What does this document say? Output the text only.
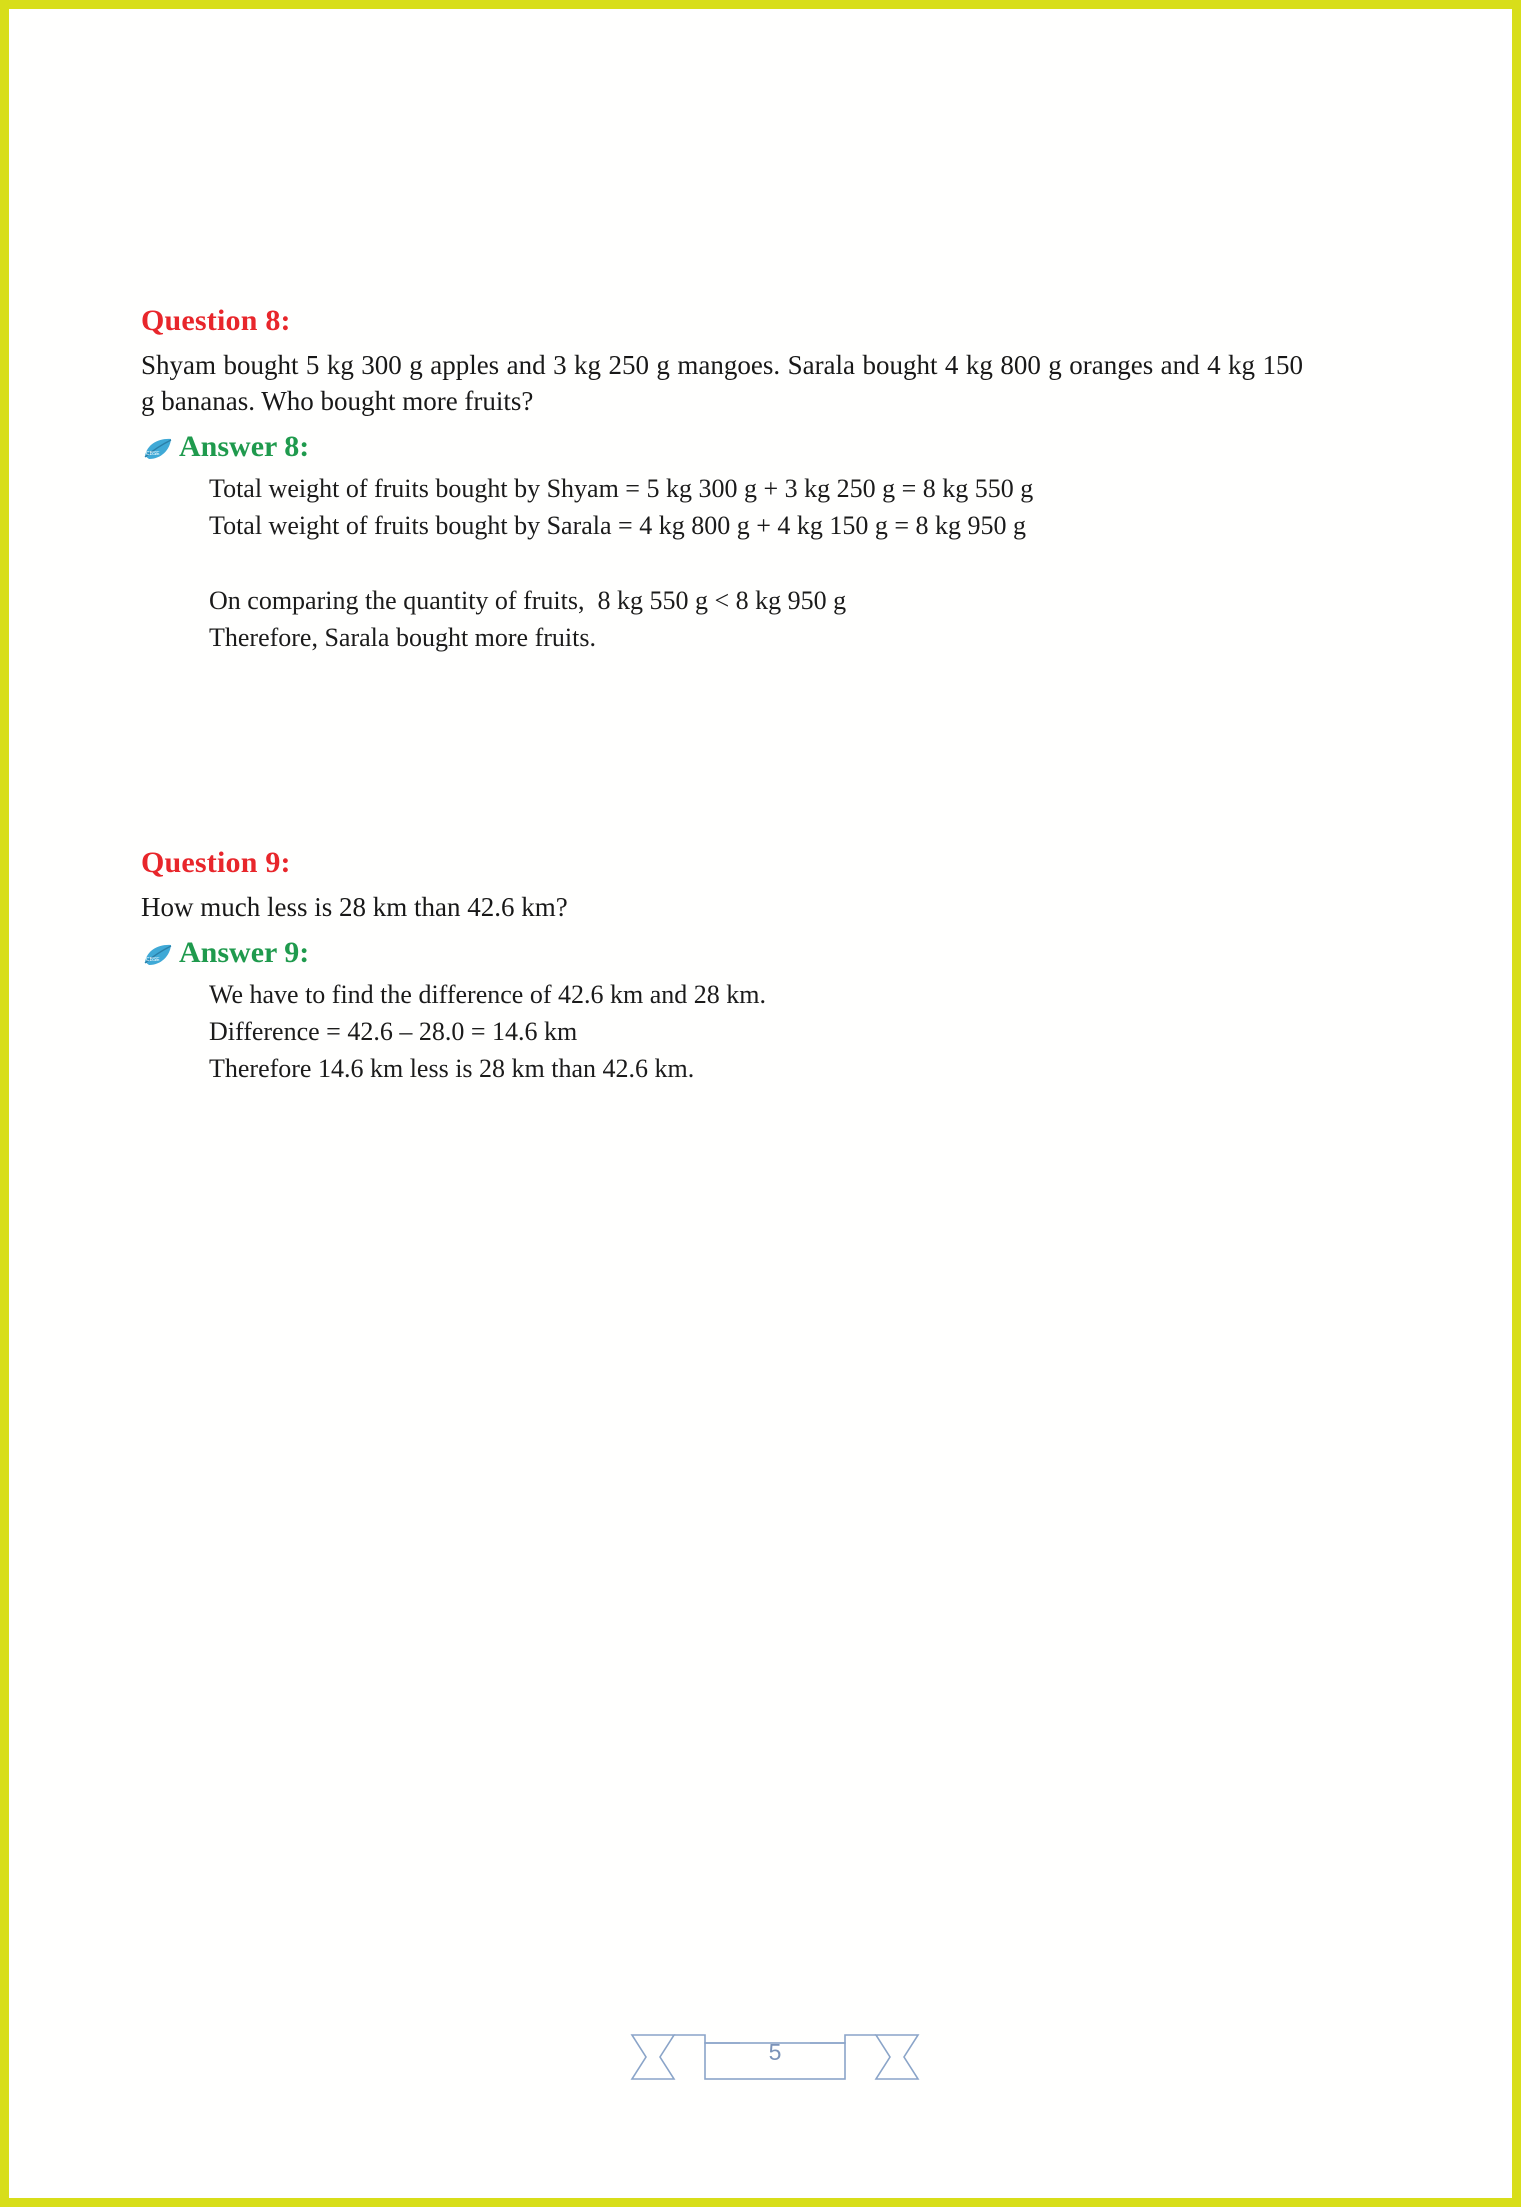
Question 8:
Shyam bought 5 kg 300 g apples and 3 kg 250 g mangoes. Sarala bought 4 kg 800 g oranges and 4 kg 150 g bananas. Who bought more fruits?
CBSE Answer 8:
Total weight of fruits bought by Shyam = 5 kg 300 g + 3 kg 250 g = 8 kg 550 g
Total weight of fruits bought by Sarala = 4 kg 800 g + 4 kg 150 g = 8 kg 950 g
On comparing the quantity of fruits,  8 kg 550 g < 8 kg 950 g
Therefore, Sarala bought more fruits.
Question 9:
How much less is 28 km than 42.6 km?
CBSE Answer 9:
We have to find the difference of 42.6 km and 28 km.
Difference = 42.6 – 28.0 = 14.6 km
Therefore 14.6 km less is 28 km than 42.6 km.
5
